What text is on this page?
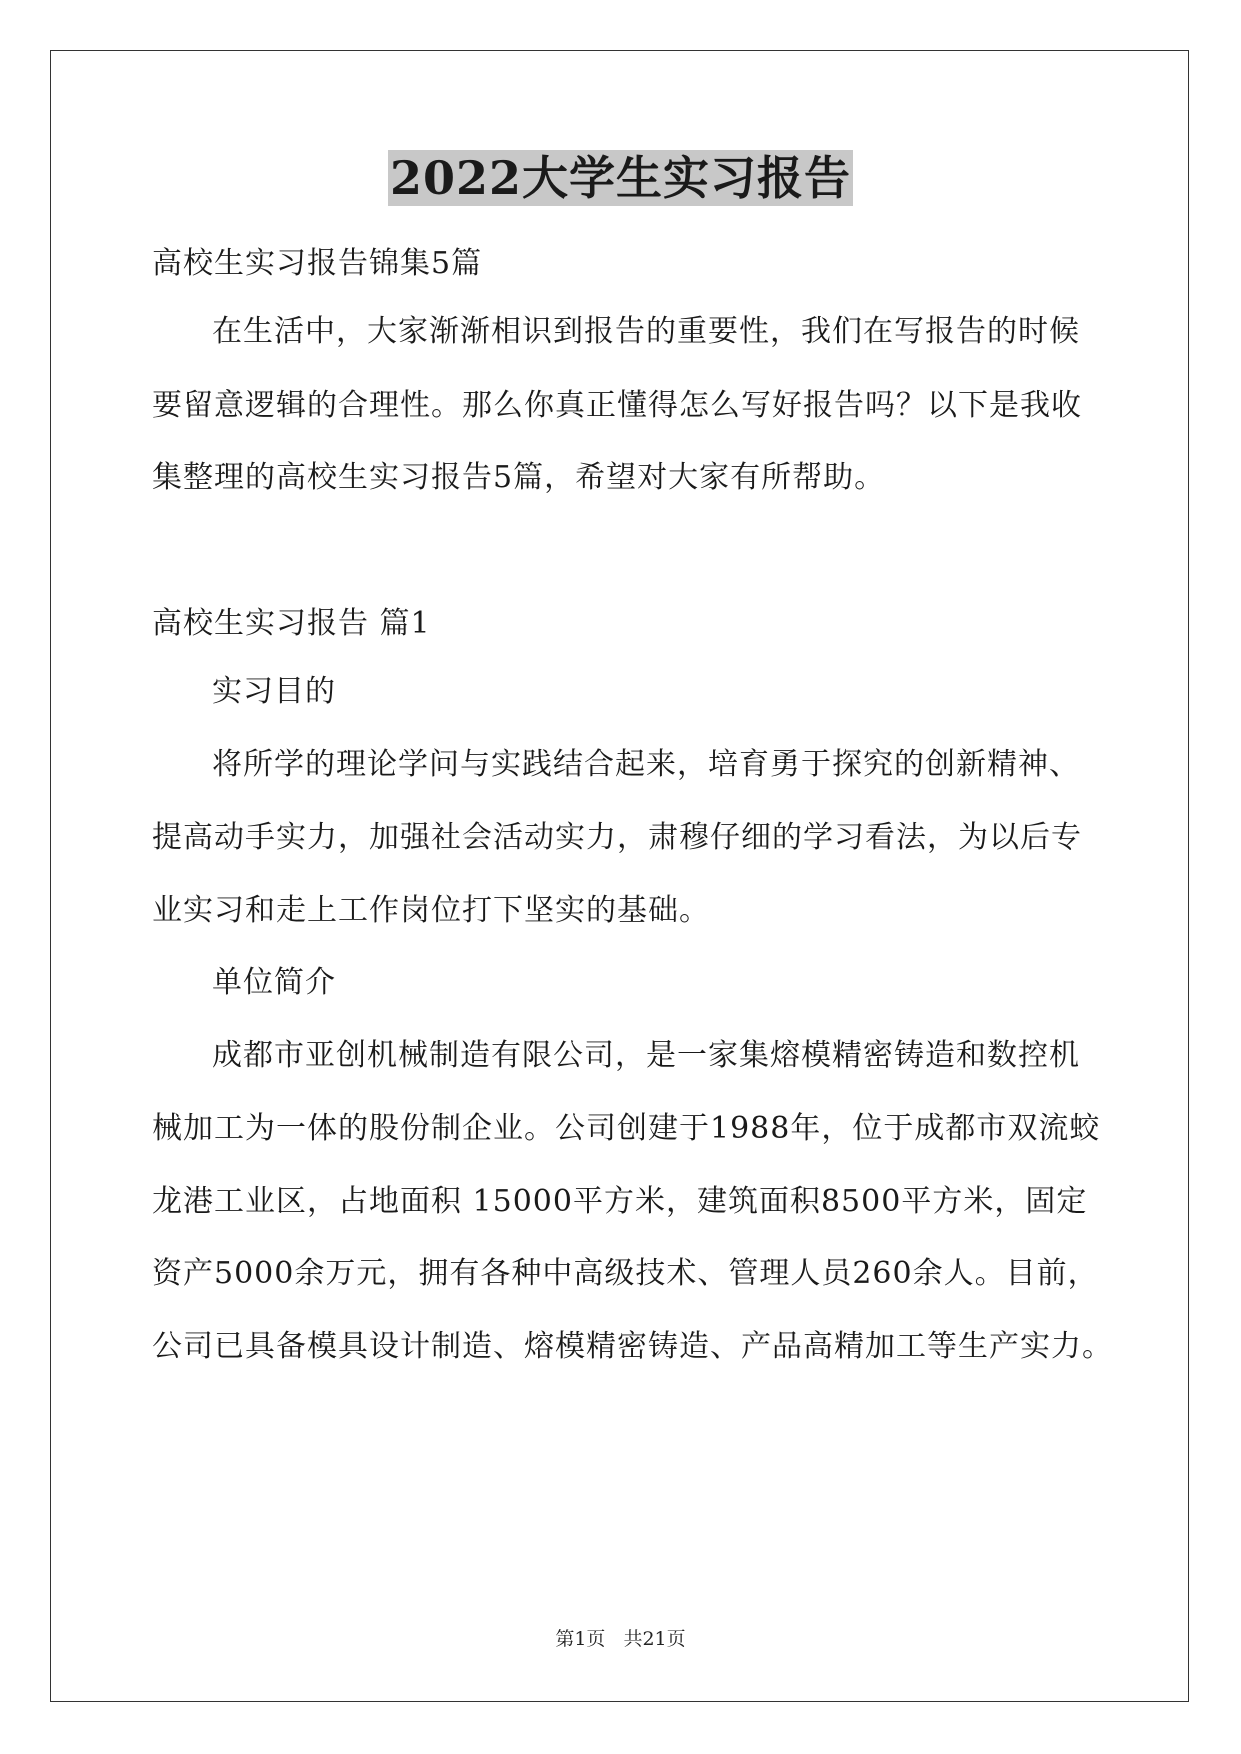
2022大学生实习报告
高校生实习报告锦集5篇
在生活中，大家渐渐相识到报告的重要性，我们在写报告的时候
要留意逻辑的合理性。那么你真正懂得怎么写好报告吗？以下是我收
集整理的高校生实习报告5篇，希望对大家有所帮助。
高校生实习报告 篇1
实习目的
将所学的理论学问与实践结合起来，培育勇于探究的创新精神、
提高动手实力，加强社会活动实力，肃穆仔细的学习看法，为以后专
业实习和走上工作岗位打下坚实的基础。
单位简介
成都市亚创机械制造有限公司，是一家集熔模精密铸造和数控机
械加工为一体的股份制企业。公司创建于1988年，位于成都市双流蛟
龙港工业区，占地面积 15000平方米，建筑面积8500平方米，固定
资产5000余万元，拥有各种中高级技术、管理人员260余人。目前，
公司已具备模具设计制造、熔模精密铸造、产品高精加工等生产实力。
第1页 共21页
